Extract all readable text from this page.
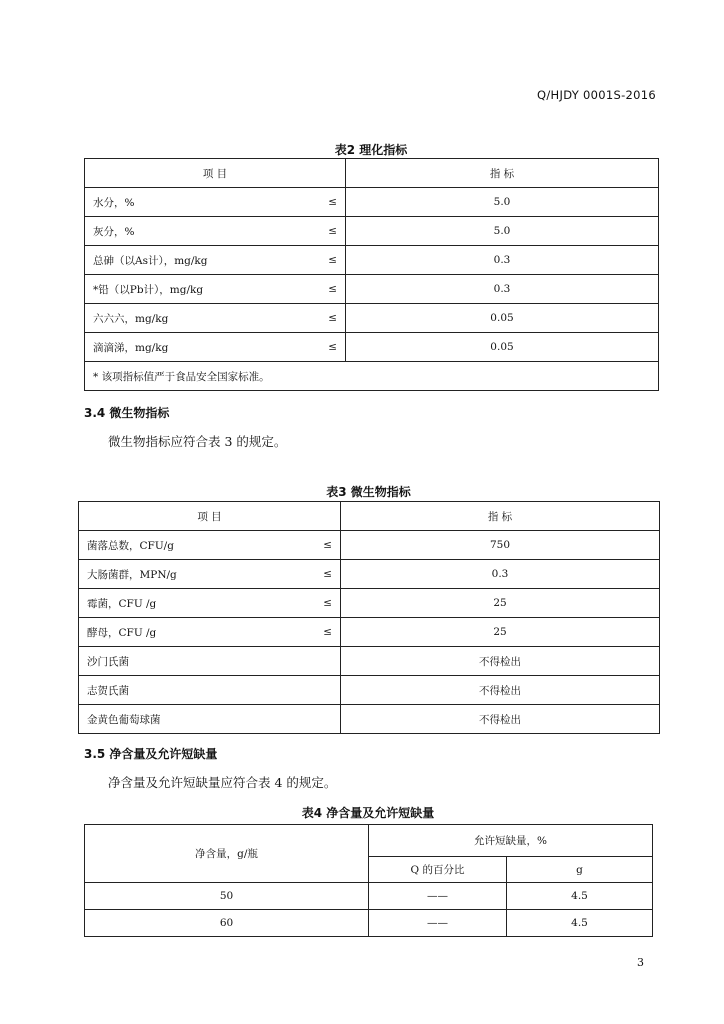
Q/HJDY 0001S-2016
表2 理化指标
项 目	指 标
水分，% ≤	5.0
灰分，% ≤	5.0
总砷（以As计），mg/kg ≤	0.3
*铅（以Pb计），mg/kg ≤	0.3
六六六，mg/kg ≤	0.05
滴滴涕，mg/kg ≤	0.05
* 该项指标值严于食品安全国家标准。	
3.4 微生物指标
微生物指标应符合表 3 的规定。
表3 微生物指标
项 目	指 标
菌落总数，CFU/g ≤	750
大肠菌群，MPN/g ≤	0.3
霉菌，CFU /g ≤	25
酵母，CFU /g ≤	25
沙门氏菌	不得检出
志贺氏菌	不得检出
金黄色葡萄球菌	不得检出
3.5 净含量及允许短缺量
净含量及允许短缺量应符合表 4 的规定。
表4 净含量及允许短缺量
净含量，g/瓶	允许短缺量，%	
	Q 的百分比	g
50	——	4.5
60	——	4.5
3
